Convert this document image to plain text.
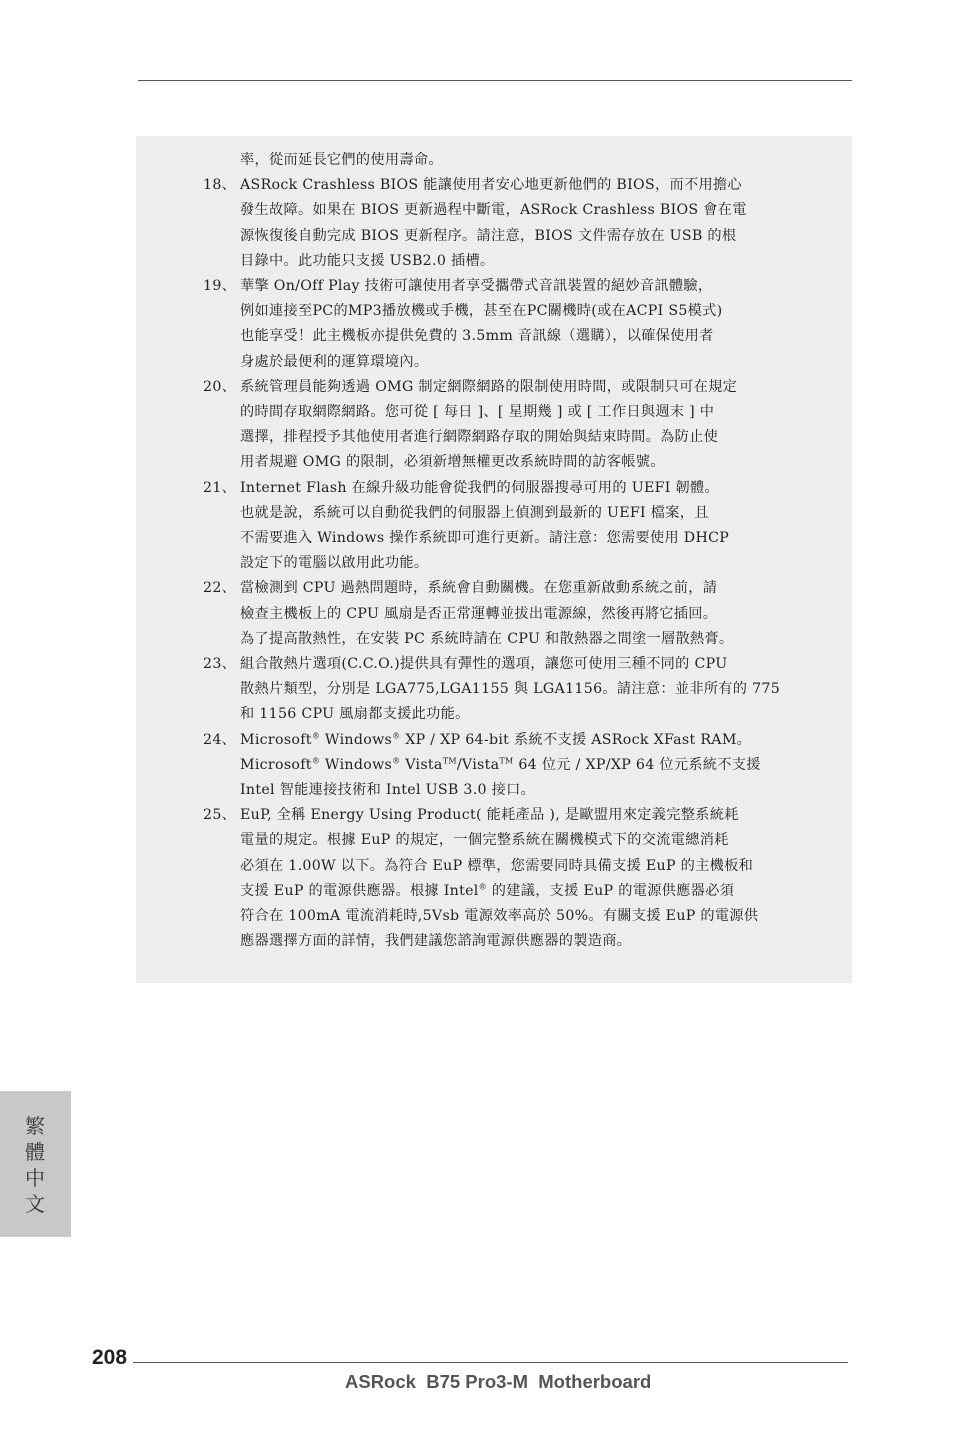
率，從而延長它們的使用壽命。

18、 ASRock Crashless BIOS 能讓使用者安心地更新他們的 BIOS，而不用擔心
發生故障。如果在 BIOS 更新過程中斷電，ASRock Crashless BIOS 會在電
源恢復後自動完成 BIOS 更新程序。請注意，BIOS 文件需存放在 USB 的根
目錄中。此功能只支援 USB2.0 插槽。
19、 華擎 On/Off Play 技術可讓使用者享受攜帶式音訊裝置的絕妙音訊體驗，
例如連接至PC的MP3播放機或手機，甚至在PC關機時(或在ACPI S5模式)
也能享受！此主機板亦提供免費的 3.5mm 音訊線（選購），以確保使用者
身處於最便利的運算環境內。
20、 系統管理員能夠透過 OMG 制定網際網路的限制使用時間，或限制只可在規定
的時間存取網際網路。您可從 [ 每日 ]、[ 星期幾 ] 或 [ 工作日與週末 ] 中
選擇，排程授予其他使用者進行網際網路存取的開始與結束時間。為防止使
用者規避 OMG 的限制，必須新增無權更改系統時間的訪客帳號。
21、 Internet Flash 在線升級功能會從我們的伺服器搜尋可用的 UEFI 韌體。
也就是說，系統可以自動從我們的伺服器上偵測到最新的 UEFI 檔案，且
不需要進入 Windows 操作系統即可進行更新。請注意：您需要使用 DHCP
設定下的電腦以啟用此功能。
22、 當檢測到 CPU 過熱問題時，系統會自動關機。在您重新啟動系統之前，請
檢查主機板上的 CPU 風扇是否正常運轉並拔出電源線，然後再將它插回。
為了提高散熱性，在安裝 PC 系統時請在 CPU 和散熱器之間塗一層散熱膏。
23、 組合散熱片選項(C.C.O.)提供具有彈性的選項，讓您可使用三種不同的 CPU
散熱片類型，分別是 LGA775,LGA1155 與 LGA1156。請注意：並非所有的 775
和 1156 CPU 風扇都支援此功能。
24、 Microsoft® Windows® XP / XP 64-bit 系統不支援 ASRock XFast RAM。
Microsoft® Windows® Vista™/Vista™ 64 位元 / XP/XP 64 位元系統不支援
Intel 智能連接技術和 Intel USB 3.0 接口。
25、 EuP, 全稱 Energy Using Product( 能耗產品 ), 是歐盟用來定義完整系統耗
電量的規定。根據 EuP 的規定，一個完整系統在關機模式下的交流電總消耗
必須在 1.00W 以下。為符合 EuP 標準，您需要同時具備支援 EuP 的主機板和
支援 EuP 的電源供應器。根據 Intel® 的建議，支援 EuP 的電源供應器必須
符合在 100mA 電流消耗時,5Vsb 電源效率高於 50%。有關支援 EuP 的電源供
應器選擇方面的詳情，我們建議您諮詢電源供應器的製造商。
繁
體
中
文
208
ASRock  B75 Pro3-M  Motherboard
